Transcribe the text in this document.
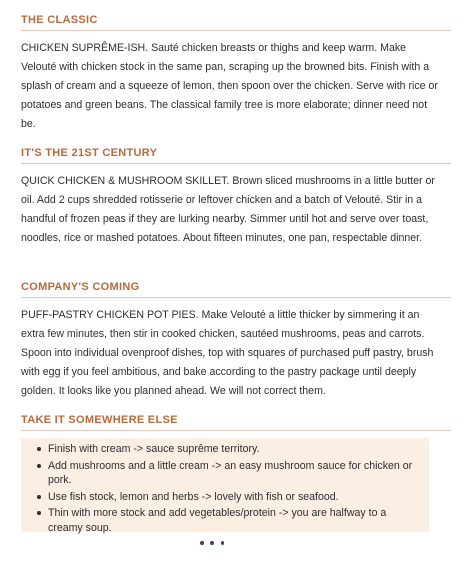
THE CLASSIC

CHICKEN SUPRÊME-ISH. Sauté chicken breasts or thighs and keep warm. Make Velouté with chicken stock in the same pan, scraping up the browned bits. Finish with a splash of cream and a squeeze of lemon, then spoon over the chicken. Serve with rice or potatoes and green beans. The classical family tree is more elaborate; dinner need not be.

IT'S THE 21ST CENTURY

QUICK CHICKEN & MUSHROOM SKILLET. Brown sliced mushrooms in a little butter or oil. Add 2 cups shredded rotisserie or leftover chicken and a batch of Velouté. Stir in a handful of frozen peas if they are lurking nearby. Simmer until hot and serve over toast, noodles, rice or mashed potatoes. About fifteen minutes, one pan, respectable dinner.

COMPANY'S COMING

PUFF-PASTRY CHICKEN POT PIES. Make Velouté a little thicker by simmering it an extra few minutes, then stir in cooked chicken, sautéed mushrooms, peas and carrots. Spoon into individual ovenproof dishes, top with squares of purchased puff pastry, brush with egg if you feel ambitious, and bake according to the pastry package until deeply golden. It looks like you planned ahead. We will not correct them.

TAKE IT SOMEWHERE ELSE
Finish with cream -> sauce suprême territory.
Add mushrooms and a little cream -> an easy mushroom sauce for chicken or pork.
Use fish stock, lemon and herbs -> lovely with fish or seafood.
Thin with more stock and add vegetables/protein -> you are halfway to a creamy soup.
